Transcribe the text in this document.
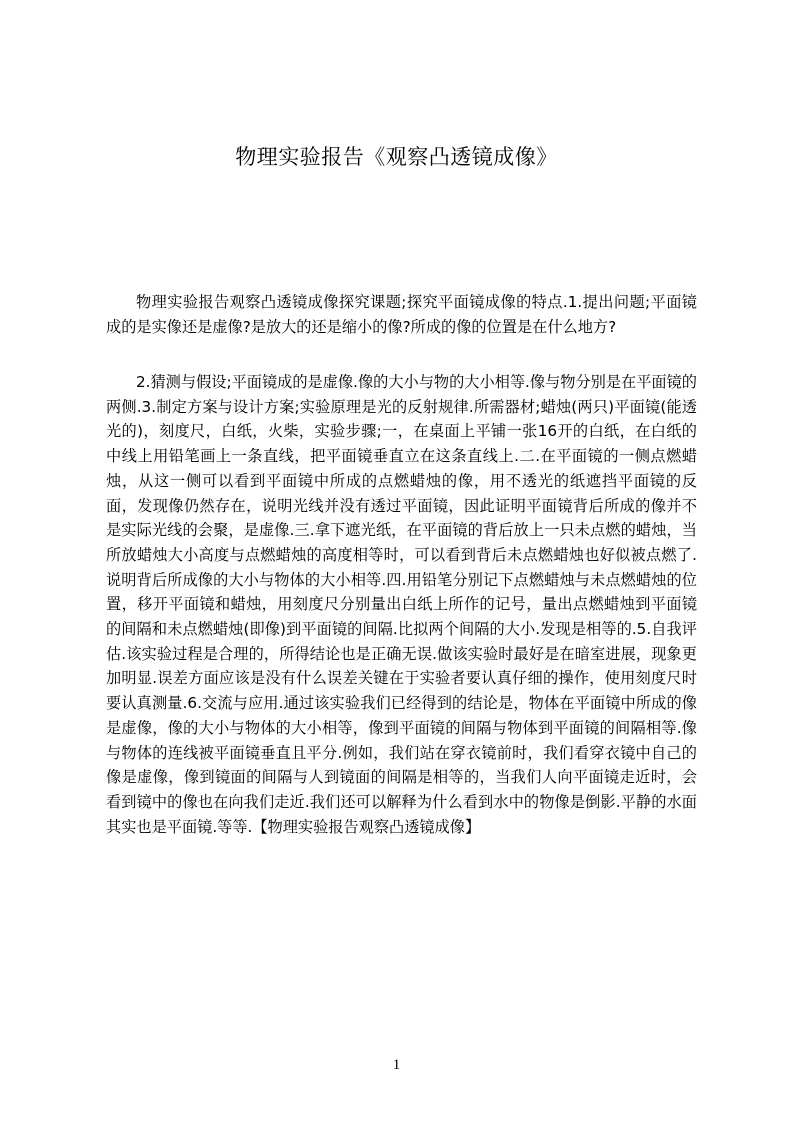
物理实验报告《观察凸透镜成像》

物理实验报告观察凸透镜成像探究课题;探究平面镜成像的特点.1.提出问题;平面镜成的是实像还是虚像?是放大的还是缩小的像?所成的像的位置是在什么地方?

2.猜测与假设;平面镜成的是虚像.像的大小与物的大小相等.像与物分别是在平面镜的两侧.3.制定方案与设计方案;实验原理是光的反射规律.所需器材;蜡烛(两只)平面镜(能透光的)，刻度尺，白纸，火柴，实验步骤;一，在桌面上平铺一张16开的白纸，在白纸的中线上用铅笔画上一条直线，把平面镜垂直立在这条直线上.二.在平面镜的一侧点燃蜡烛，从这一侧可以看到平面镜中所成的点燃蜡烛的像，用不透光的纸遮挡平面镜的反面，发现像仍然存在，说明光线并没有透过平面镜，因此证明平面镜背后所成的像并不是实际光线的会聚，是虚像.三.拿下遮光纸，在平面镜的背后放上一只未点燃的蜡烛，当所放蜡烛大小高度与点燃蜡烛的高度相等时，可以看到背后未点燃蜡烛也好似被点燃了.说明背后所成像的大小与物体的大小相等.四.用铅笔分别记下点燃蜡烛与未点燃蜡烛的位置，移开平面镜和蜡烛，用刻度尺分别量出白纸上所作的记号，量出点燃蜡烛到平面镜的间隔和未点燃蜡烛(即像)到平面镜的间隔.比拟两个间隔的大小.发现是相等的.5.自我评估.该实验过程是合理的，所得结论也是正确无误.做该实验时最好是在暗室进展，现象更加明显.误差方面应该是没有什么误差关键在于实验者要认真仔细的操作，使用刻度尺时要认真测量.6.交流与应用.通过该实验我们已经得到的结论是，物体在平面镜中所成的像是虚像，像的大小与物体的大小相等，像到平面镜的间隔与物体到平面镜的间隔相等.像与物体的连线被平面镜垂直且平分.例如，我们站在穿衣镜前时，我们看穿衣镜中自己的像是虚像，像到镜面的间隔与人到镜面的间隔是相等的，当我们人向平面镜走近时，会看到镜中的像也在向我们走近.我们还可以解释为什么看到水中的物像是倒影.平静的水面其实也是平面镜.等等.【物理实验报告观察凸透镜成像】

1
